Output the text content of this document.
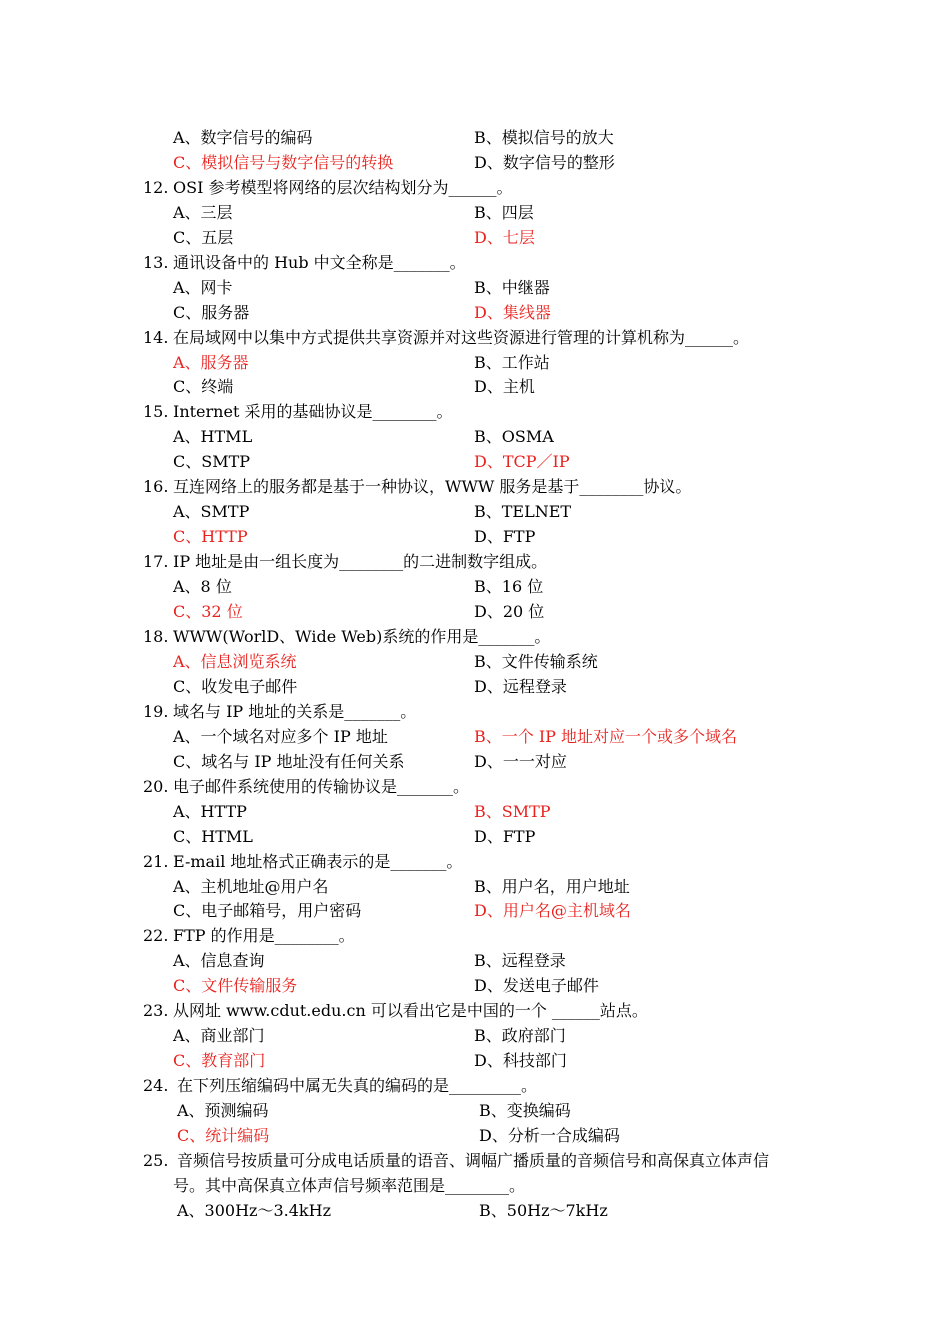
A、数字信号的编码	B、模拟信号的放大
C、模拟信号与数字信号的转换	D、数字信号的整形
12. OSI 参考模型将网络的层次结构划分为______。
A、三层	B、四层
C、五层	D、七层
13. 通讯设备中的 Hub 中文全称是_______。
A、网卡	B、中继器
C、服务器	D、集线器
14. 在局域网中以集中方式提供共享资源并对这些资源进行管理的计算机称为______。
A、服务器	B、工作站
C、终端	D、主机
15. Internet 采用的基础协议是________。
A、HTML	B、OSMA
C、SMTP	D、TCP／IP
16. 互连网络上的服务都是基于一种协议，WWW 服务是基于________协议。
A、SMTP	B、TELNET
C、HTTP	D、FTP
17. IP 地址是由一组长度为________的二进制数字组成。
A、8 位	B、16 位
C、32 位	D、20 位
18. WWW(WorlD、Wide Web)系统的作用是_______。
A、信息浏览系统	B、文件传输系统
C、收发电子邮件	D、远程登录
19. 域名与 IP 地址的关系是_______。
A、一个域名对应多个 IP 地址	B、一个 IP 地址对应一个或多个域名
C、域名与 IP 地址没有任何关系	D、一一对应
20. 电子邮件系统使用的传输协议是_______。
A、HTTP	B、SMTP
C、HTML	D、FTP
21. E-mail 地址格式正确表示的是_______。
A、主机地址@用户名	B、用户名，用户地址
C、电子邮箱号，用户密码	D、用户名@主机域名
22. FTP 的作用是________。
A、信息查询	B、远程登录
C、文件传输服务	D、发送电子邮件
23. 从网址 www.cdut.edu.cn 可以看出它是中国的一个 ______站点。
A、商业部门	B、政府部门
C、教育部门	D、科技部门
24. 在下列压缩编码中属无失真的编码的是_________。
A、预测编码	B、变换编码
C、统计编码	D、分析一合成编码
25. 音频信号按质量可分成电话质量的语音、调幅广播质量的音频信号和高保真立体声信
号。其中高保真立体声信号频率范围是________。
A、300Hz～3.4kHz	B、50Hz～7kHz
